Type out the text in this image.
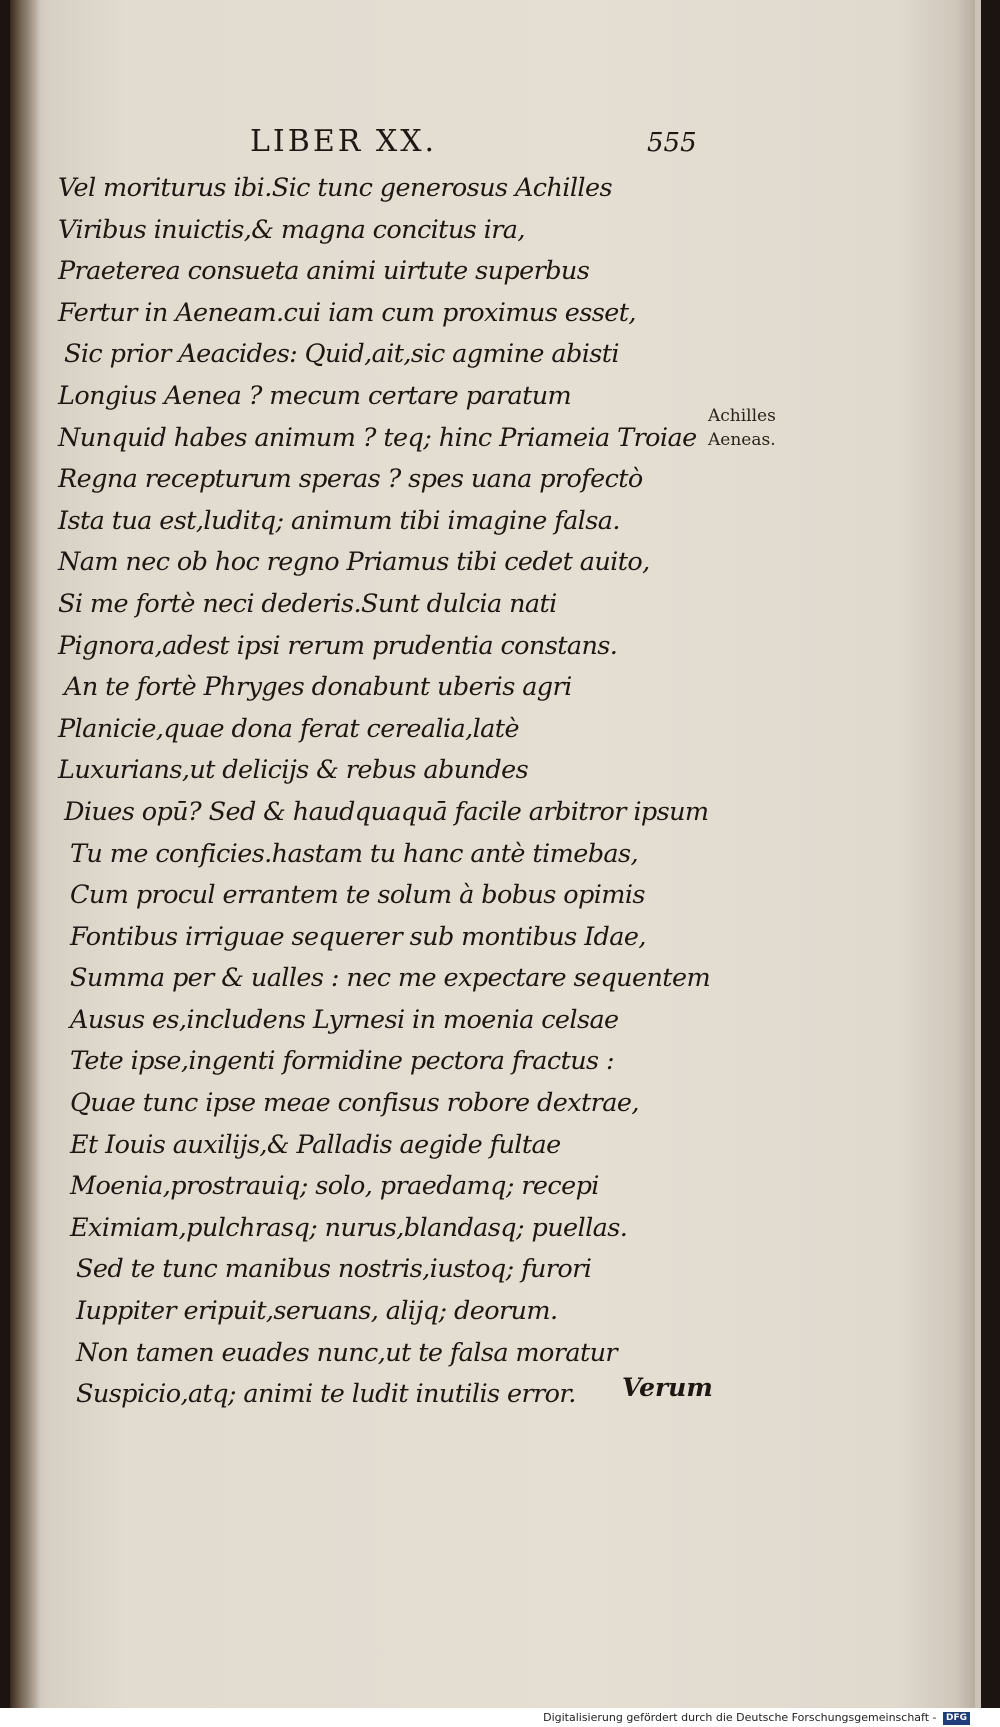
LIBER XX.	555
Vel moriturus ibi.Sic tunc generosus Achilles
Viribus inuictis,& magna concitus ira,
Praeterea consueta animi uirtute superbus
Fertur in Aeneam.cui iam cum proximus esset,
Sic prior Aeacides: Quid,ait,sic agmine abisti
Longius Aenea ? mecum certare paratum
Nunquid habes animum ? teq; hinc Priameia Troiae
Regna recepturum speras ? spes uana profectò
Ista tua est,luditq; animum tibi imagine falsa.
Nam nec ob hoc regno Priamus tibi cedet auito,
Si me fortè neci dederis.Sunt dulcia nati
Pignora,adest ipsi rerum prudentia constans.
An te fortè Phryges donabunt uberis agri
Planicie,quae dona ferat cerealia,latè
Luxurians,ut delicijs & rebus abundes
Diues opū? Sed & haudquaquā facile arbitror ipsum
Tu me conficies.hastam tu hanc antè timebas,
Cum procul errantem te solum à bobus opimis
Fontibus irriguae sequerer sub montibus Idae,
Summa per & ualles : nec me expectare sequentem
Ausus es,includens Lyrnesi in moenia celsae
Tete ipse,ingenti formidine pectora fractus :
Quae tunc ipse meae confisus robore dextrae,
Et Iouis auxilijs,& Palladis aegide fultae
Moenia,prostrauiq; solo, praedamq; recepi
Eximiam,pulchrasq; nurus,blandasq; puellas.
Sed te tunc manibus nostris,iustoq; furori
Iuppiter eripuit,seruans, alijq; deorum.
Non tamen euades nunc,ut te falsa moratur
Suspicio,atq; animi te ludit inutilis error.
Achilles
Aeneas.
Verum
Digitalisierung gefördert durch die Deutsche Forschungsgemeinschaft - DFG
